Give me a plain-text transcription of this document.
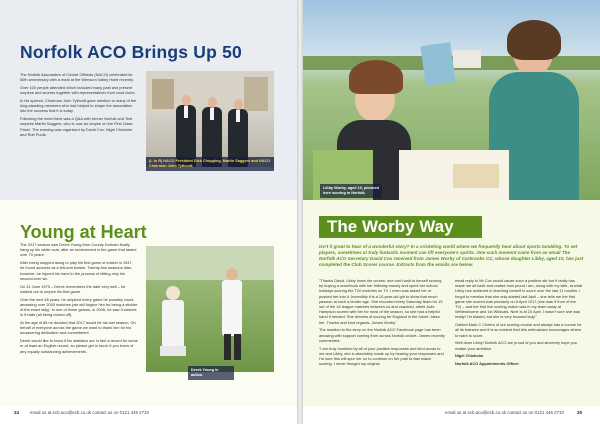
Norfolk ACO Brings Up 50

The Norfolk Association of Cricket Officials (NACO) celebrated its 50th anniversary with a meal at the Wensum Valley Hotel recently.

Over 100 people attended which included many past and present umpires and scorers together with representatives from local clubs.

In his speech, Chairman John Tythcott gave mention to many of the long-standing members who had helped to shape the association into the success that it is today.

Following the meal there was a Q&A with former Norfolk and Test umpires Martin Saggers, who is now an umpire on the First Class Panel. The evening was organised by David Cox, Nigel Chisholm and Rob Poole.

(L to R) NACO President Dick Chopping, Martin Saggers and NACO Chairman John Tythcott.
Young at Heart

The 2017 season saw Derek Young from County Durham finally hang up his white coat, after an involvement in the game that lasted over 70 years.

After being stopped along to play his first game of cricket in 1947, he found success as a left-arm bowler. Twenty-two seasons later, however, he injured his hand in the process of hitting only his second-ever six.

On 31 June 1970 – Derek remembers the date very well – he walked out to umpire his first game.

Over the next 48 years, he umpired every game he possibly could, amassing over 2000 matches (we will forgive him for being a stickler of the exact tally). In one of those games, in 2006, he saw 5 wickets in 5 balls (all being nicked off).

At the age of 85 he decided that 2017 would be his last season. On behalf of everyone across the game we want to thank him for his unwavering dedication and commitment.

Derek would like to know if his statistics are in fact a record for some or at least an English record, so please get in touch if you know of any equally outstanding achievements.

Derek Young in action.
24	email us at ecb.aco@ecb.co.uk contact us on 0121 446 2710
Libby Worby, aged 10, pictured here scoring in Norfolk.
The Worby Way

Isn't it great to hear of a wonderful story? In a cricketing world where we frequently hear about sports tumbling. To set players, sometimes at truly fantastic moment can lift everyone's spirits. One such moment came from an email The Norfolk ACO Secretary David Cox received from James Worby of Carbrooks CC, whose daughter Libby, aged 10, has just completed the Club Scorer course. Extracts from the emails are below.

"Thanks David, Libby loves the course, she can't wait to herself scoring by buying a scorebook with her birthday money and spent her school holidays scoring the T20 matches on TV. I even was asked her or pushed her into it. Incredibly it is a 10-year-old girl to show that much passion at such a tender age. She recorded every Saturday team for 15 out of the 16 league matches between us and coached, albeit Jude Hampson scored with her for most of the season, so she had a helpful hand if needed. She dreams of scoring for England in the future, bless her. Thanks and kind regards, James Worby"

The reaction to the story on the Norfolk ACO Facebook page has been amazing with support coming from across Norfolk cricket. James recently commented:

"I am truly humbled by all of your positive responses and kind words to me and Libby, she is absolutely made up by hearing your responses and I'm sure this will spur her on to continue on her path to fast match scoring. I never thought my original

email reply to Mr Cox would cause such a positive stir but it really has made me sit back and realise how proud I am, along with my wife, at what Libby has achieved in teaching herself to score over the last 11 months. I forgot to mention that she only started last April – she tells me the first game she scored was precisely on 8 April 2017 (she was 9 from of the TV) – and her first live scoring match was in my team away at Wellesbourne and 1st Wildcats. Next is at 20 April. I wasn't sure she was ready! I'm biased, but she is very focused lady."

Gabled Mark C Cheers of our scoring course and always has a course for all its trainees and it is so evident that this enthusiasm encourages others to want to score.

Well done Libby! Norfolk ACO are proud of you and sincerely hope you realise your ambition.

Nigel Chisholm

Norfolk ACO Appointments Officer

email us at ecb.aco@ecb.co.uk contact us on 0121 446 2710	25
